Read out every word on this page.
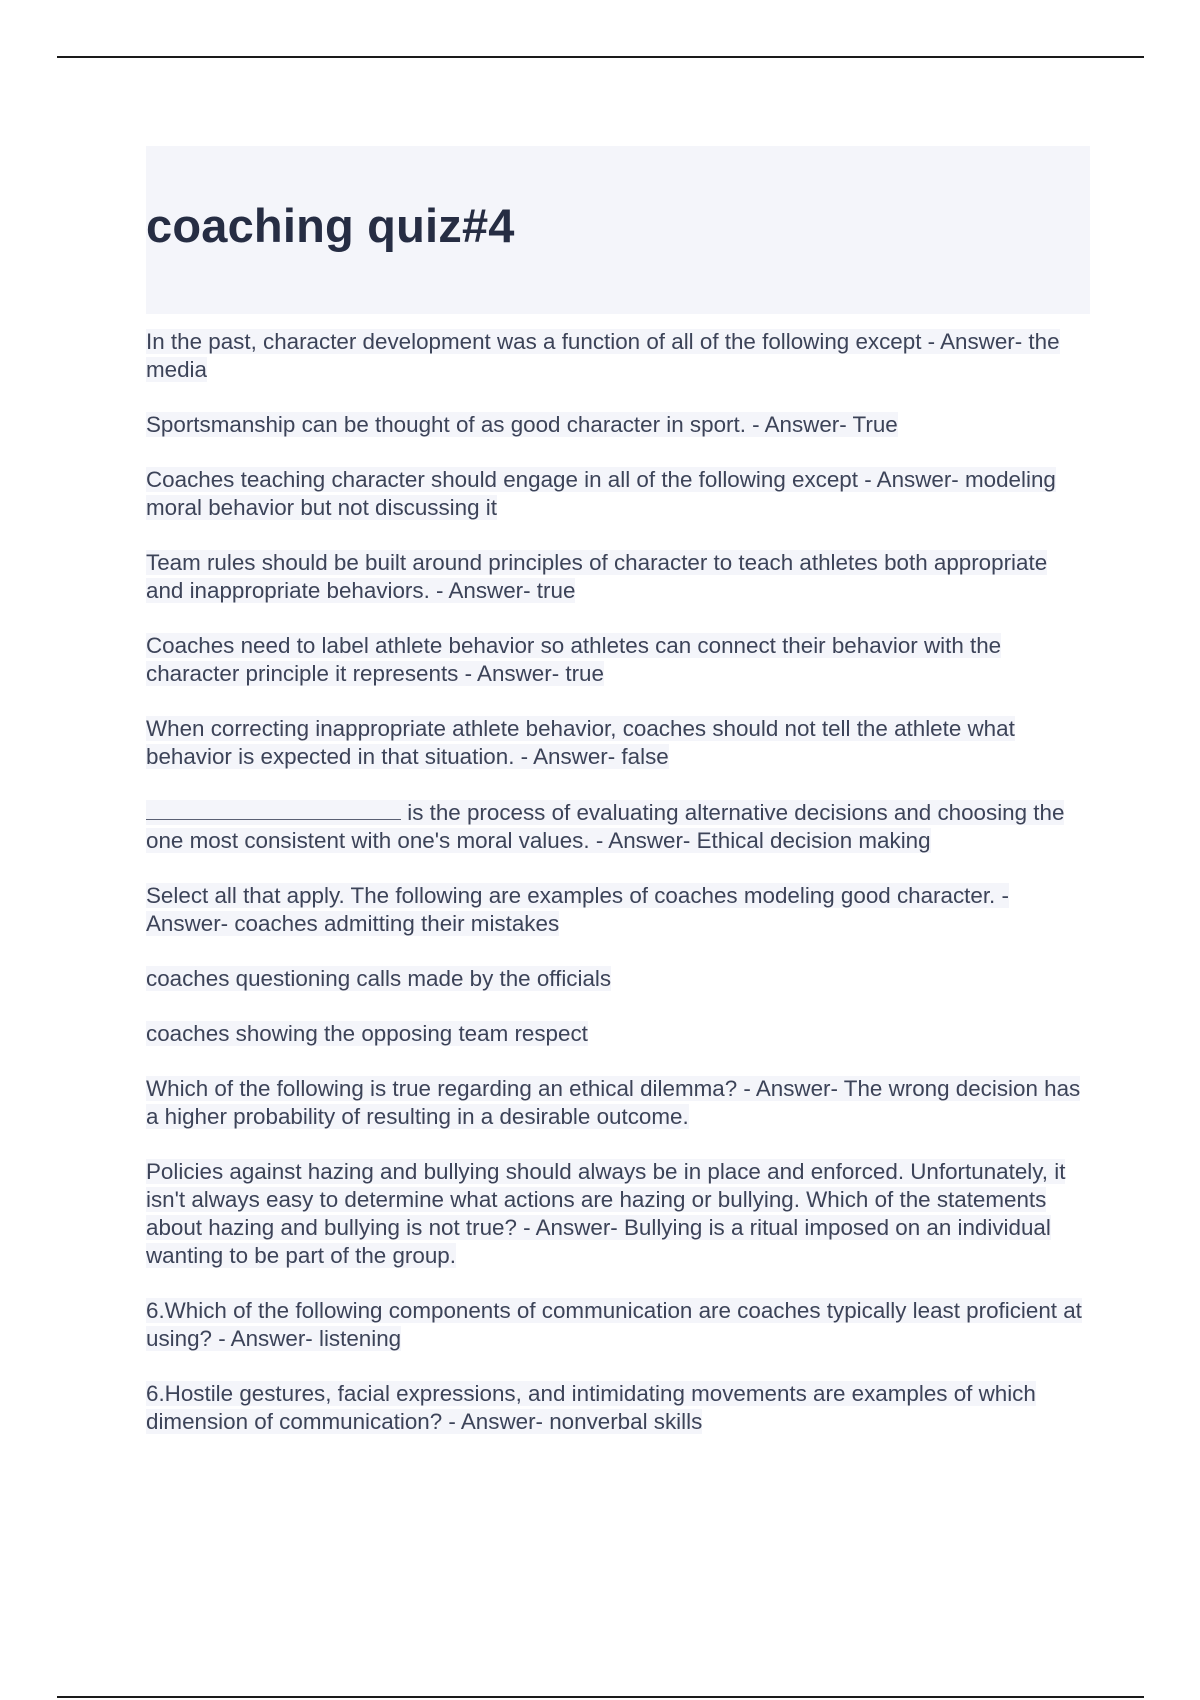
coaching quiz#4

In the past, character development was a function of all of the following except - Answer- the media

Sportsmanship can be thought of as good character in sport. - Answer- True

Coaches teaching character should engage in all of the following except - Answer- modeling moral behavior but not discussing it

Team rules should be built around principles of character to teach athletes both appropriate and inappropriate behaviors. - Answer- true

Coaches need to label athlete behavior so athletes can connect their behavior with the character principle it represents - Answer- true

When correcting inappropriate athlete behavior, coaches should not tell the athlete what behavior is expected in that situation. - Answer- false

is the process of evaluating alternative decisions and choosing the one most consistent with one's moral values. - Answer- Ethical decision making

Select all that apply. The following are examples of coaches modeling good character. - Answer- coaches admitting their mistakes

coaches questioning calls made by the officials

coaches showing the opposing team respect

Which of the following is true regarding an ethical dilemma? - Answer- The wrong decision has a higher probability of resulting in a desirable outcome.

Policies against hazing and bullying should always be in place and enforced. Unfortunately, it isn't always easy to determine what actions are hazing or bullying. Which of the statements about hazing and bullying is not true? - Answer- Bullying is a ritual imposed on an individual wanting to be part of the group.

6.Which of the following components of communication are coaches typically least proficient at using? - Answer- listening

6.Hostile gestures, facial expressions, and intimidating movements are examples of which dimension of communication? - Answer- nonverbal skills
